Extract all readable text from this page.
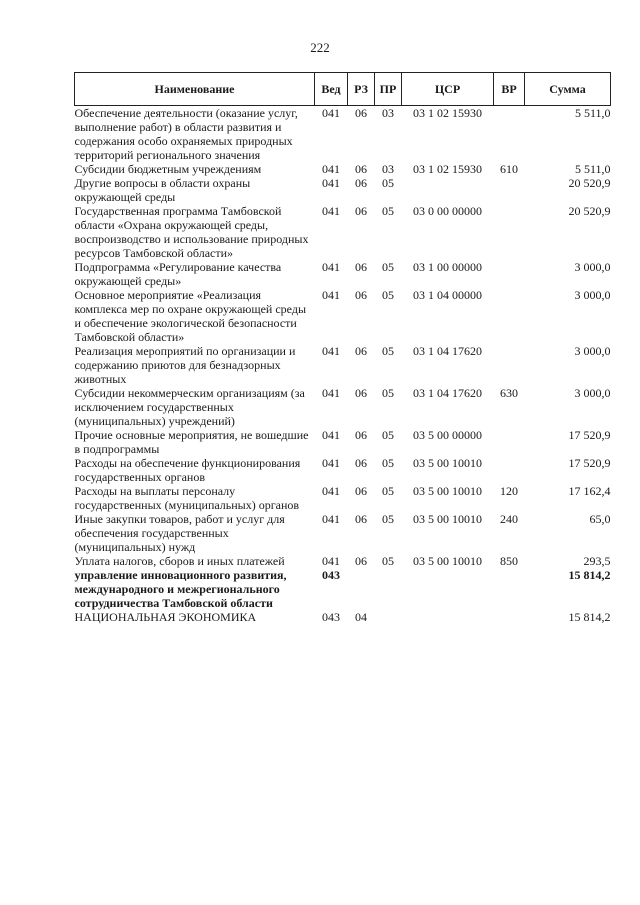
222
Наименование	Вед	РЗ	ПР	ЦСР	ВР	Сумма
Обеспечение деятельности (оказание услуг, выполнение работ) в области развития и содержания особо охраняемых природных территорий регионального значения	041	06	03	03 1 02 15930		5 511,0
Субсидии бюджетным учреждениям	041	06	03	03 1 02 15930	610	5 511,0
Другие вопросы в области охраны окружающей среды	041	06	05			20 520,9
Государственная программа Тамбовской области «Охрана окружающей среды, воспроизводство и использование природных ресурсов Тамбовской области»	041	06	05	03 0 00 00000		20 520,9
Подпрограмма «Регулирование качества окружающей среды»	041	06	05	03 1 00 00000		3 000,0
Основное мероприятие «Реализация комплекса мер по охране окружающей среды и обеспечение экологической безопасности Тамбовской области»	041	06	05	03 1 04 00000		3 000,0
Реализация мероприятий по организации и содержанию приютов для безнадзорных животных	041	06	05	03 1 04 17620		3 000,0
Субсидии некоммерческим организациям (за исключением государственных (муниципальных) учреждений)	041	06	05	03 1 04 17620	630	3 000,0
Прочие основные мероприятия, не вошедшие в подпрограммы	041	06	05	03 5 00 00000		17 520,9
Расходы на обеспечение функционирования государственных органов	041	06	05	03 5 00 10010		17 520,9
Расходы на выплаты персоналу государственных (муниципальных) органов	041	06	05	03 5 00 10010	120	17 162,4
Иные закупки товаров, работ и услуг для обеспечения государственных (муниципальных) нужд	041	06	05	03 5 00 10010	240	65,0
Уплата налогов, сборов и иных платежей	041	06	05	03 5 00 10010	850	293,5
управление инновационного развития, международного и межрегионального сотрудничества Тамбовской области	043					15 814,2
НАЦИОНАЛЬНАЯ ЭКОНОМИКА	043	04				15 814,2
